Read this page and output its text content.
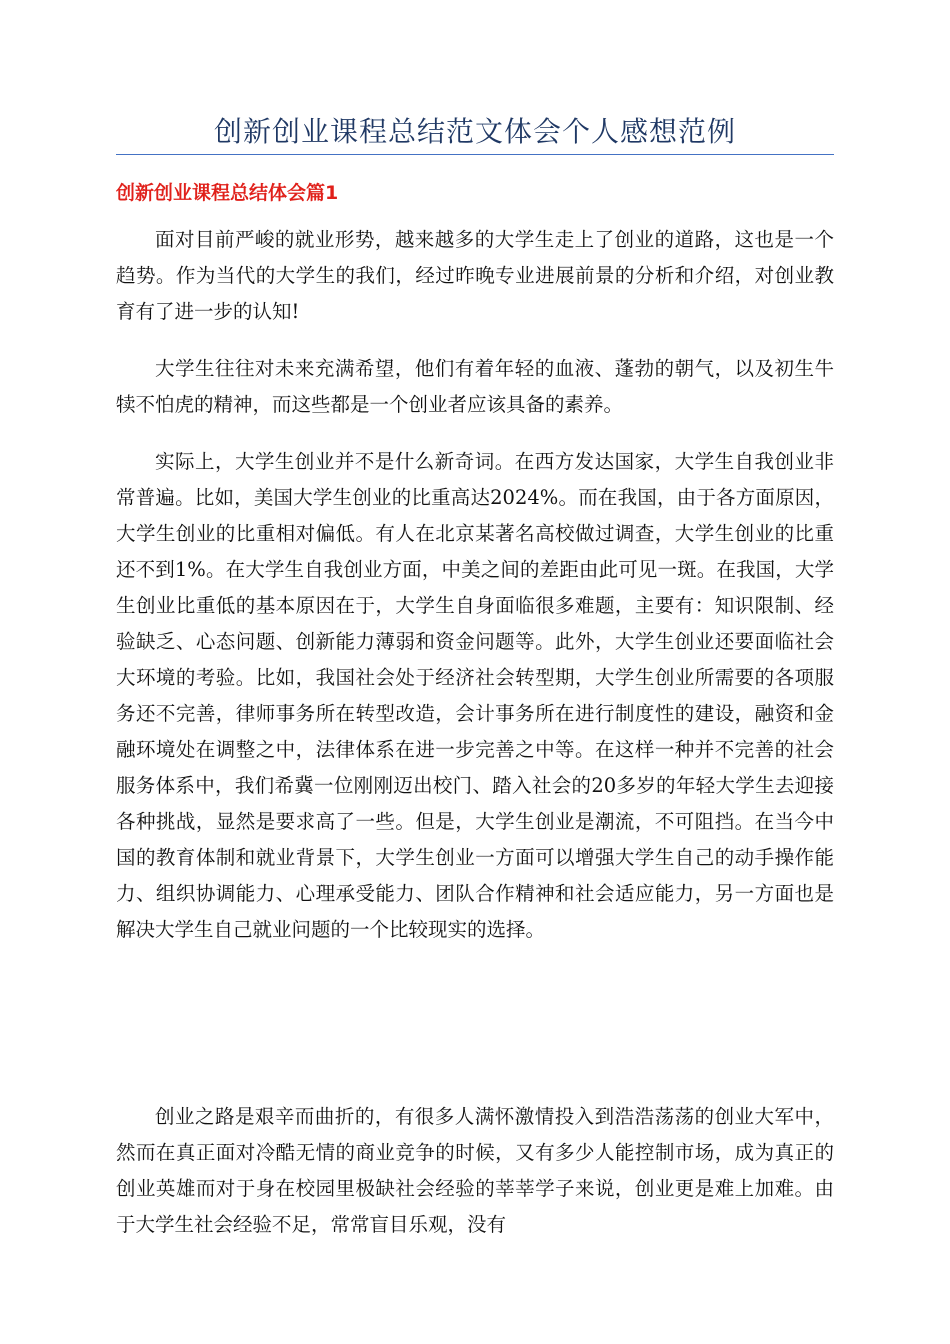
创新创业课程总结范文体会个人感想范例
创新创业课程总结体会篇1

面对目前严峻的就业形势，越来越多的大学生走上了创业的道路，这也是一个趋势。作为当代的大学生的我们，经过昨晚专业进展前景的分析和介绍，对创业教育有了进一步的认知!

大学生往往对未来充满希望，他们有着年轻的血液、蓬勃的朝气，以及初生牛犊不怕虎的精神，而这些都是一个创业者应该具备的素养。

实际上，大学生创业并不是什么新奇词。在西方发达国家，大学生自我创业非常普遍。比如，美国大学生创业的比重高达2024%。而在我国，由于各方面原因，大学生创业的比重相对偏低。有人在北京某著名高校做过调查，大学生创业的比重还不到1%。在大学生自我创业方面，中美之间的差距由此可见一斑。在我国，大学生创业比重低的基本原因在于，大学生自身面临很多难题，主要有：知识限制、经验缺乏、心态问题、创新能力薄弱和资金问题等。此外，大学生创业还要面临社会大环境的考验。比如，我国社会处于经济社会转型期，大学生创业所需要的各项服务还不完善，律师事务所在转型改造，会计事务所在进行制度性的建设，融资和金融环境处在调整之中，法律体系在进一步完善之中等。在这样一种并不完善的社会服务体系中，我们希冀一位刚刚迈出校门、踏入社会的20多岁的年轻大学生去迎接各种挑战，显然是要求高了一些。但是，大学生创业是潮流，不可阻挡。在当今中国的教育体制和就业背景下，大学生创业一方面可以增强大学生自己的动手操作能力、组织协调能力、心理承受能力、团队合作精神和社会适应能力，另一方面也是解决大学生自己就业问题的一个比较现实的选择。

创业之路是艰辛而曲折的，有很多人满怀激情投入到浩浩荡荡的创业大军中，然而在真正面对冷酷无情的商业竞争的时候，又有多少人能控制市场，成为真正的创业英雄而对于身在校园里极缺社会经验的莘莘学子来说，创业更是难上加难。由于大学生社会经验不足，常常盲目乐观，没有
